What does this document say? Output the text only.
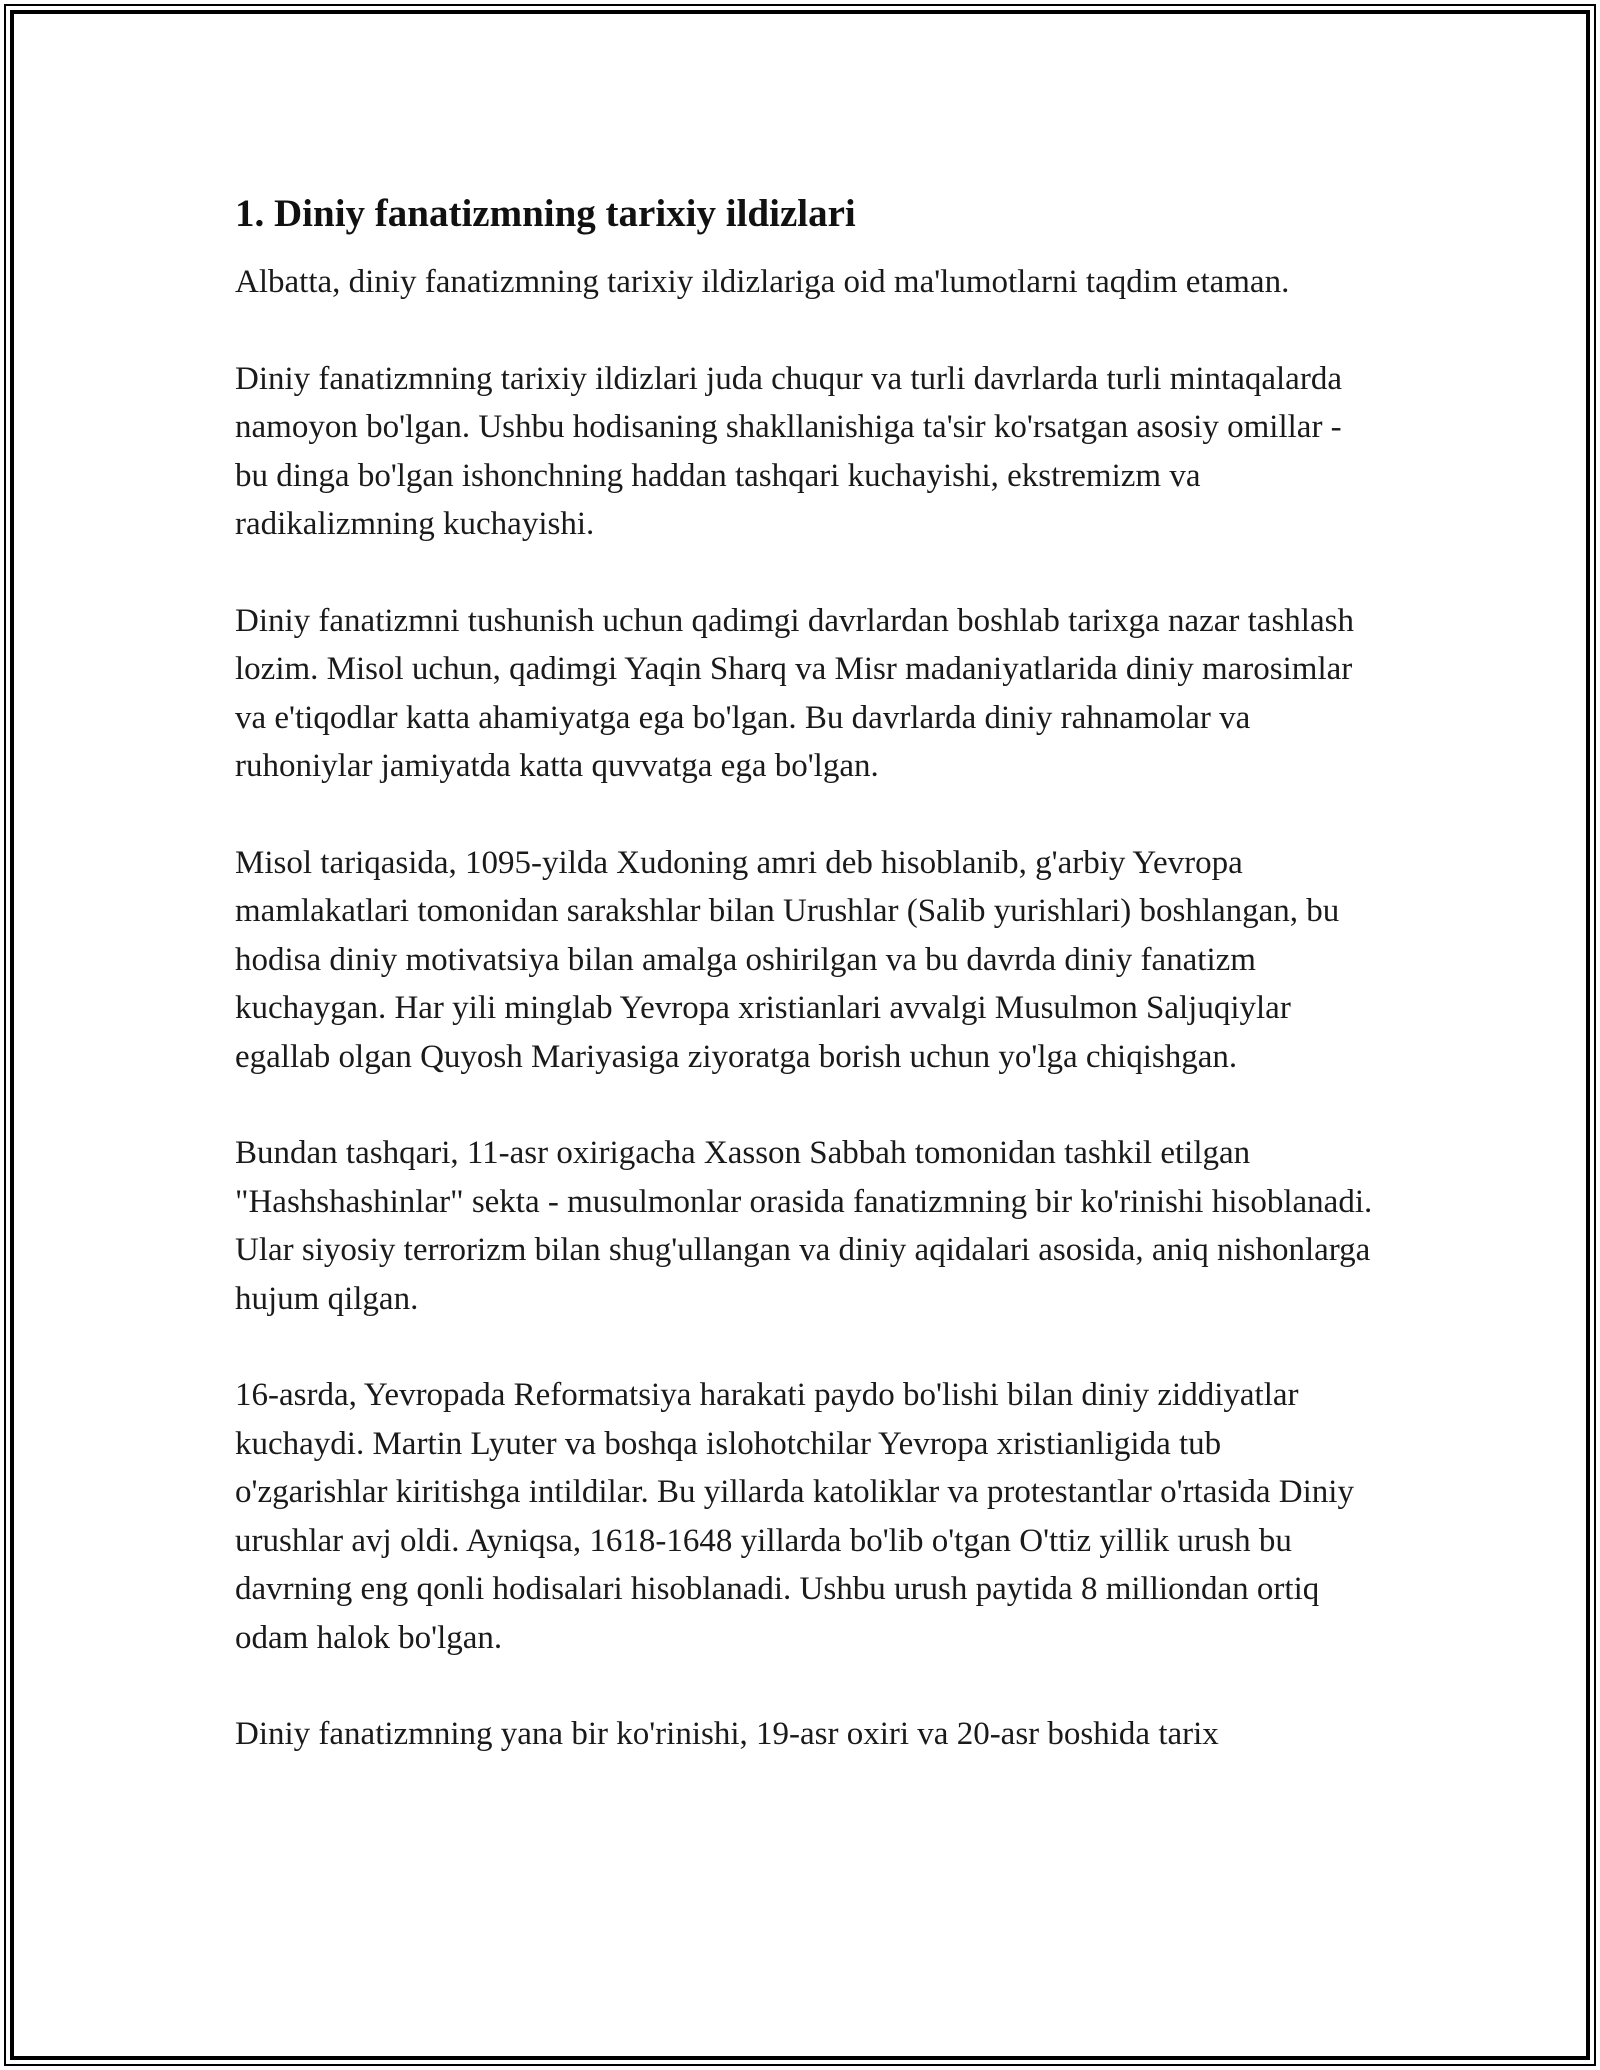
1. Diniy fanatizmning tarixiy ildizlari

Albatta, diniy fanatizmning tarixiy ildizlariga oid ma'lumotlarni taqdim etaman.

Diniy fanatizmning tarixiy ildizlari juda chuqur va turli davrlarda turli mintaqalarda namoyon bo'lgan. Ushbu hodisaning shakllanishiga ta'sir ko'rsatgan asosiy omillar - bu dinga bo'lgan ishonchning haddan tashqari kuchayishi, ekstremizm va radikalizmning kuchayishi.

Diniy fanatizmni tushunish uchun qadimgi davrlardan boshlab tarixga nazar tashlash lozim. Misol uchun, qadimgi Yaqin Sharq va Misr madaniyatlarida diniy marosimlar va e'tiqodlar katta ahamiyatga ega bo'lgan. Bu davrlarda diniy rahnamolar va ruhoniylar jamiyatda katta quvvatga ega bo'lgan.

Misol tariqasida, 1095-yilda Xudoning amri deb hisoblanib, g'arbiy Yevropa mamlakatlari tomonidan sarakshlar bilan Urushlar (Salib yurishlari) boshlangan, bu hodisa diniy motivatsiya bilan amalga oshirilgan va bu davrda diniy fanatizm kuchaygan. Har yili minglab Yevropa xristianlari avvalgi Musulmon Saljuqiylar egallab olgan Quyosh Mariyasiga ziyoratga borish uchun yo'lga chiqishgan.

Bundan tashqari, 11-asr oxirigacha Xasson Sabbah tomonidan tashkil etilgan "Hashshashinlar" sekta - musulmonlar orasida fanatizmning bir ko'rinishi hisoblanadi. Ular siyosiy terrorizm bilan shug'ullangan va diniy aqidalari asosida, aniq nishonlarga hujum qilgan.

16-asrda, Yevropada Reformatsiya harakati paydo bo'lishi bilan diniy ziddiyatlar kuchaydi. Martin Lyuter va boshqa islohotchilar Yevropa xristianligida tub o'zgarishlar kiritishga intildilar. Bu yillarda katoliklar va protestantlar o'rtasida Diniy urushlar avj oldi. Ayniqsa, 1618-1648 yillarda bo'lib o'tgan O'ttiz yillik urush bu davrning eng qonli hodisalari hisoblanadi. Ushbu urush paytida 8 milliondan ortiq odam halok bo'lgan.

Diniy fanatizmning yana bir ko'rinishi, 19-asr oxiri va 20-asr boshida tarix
